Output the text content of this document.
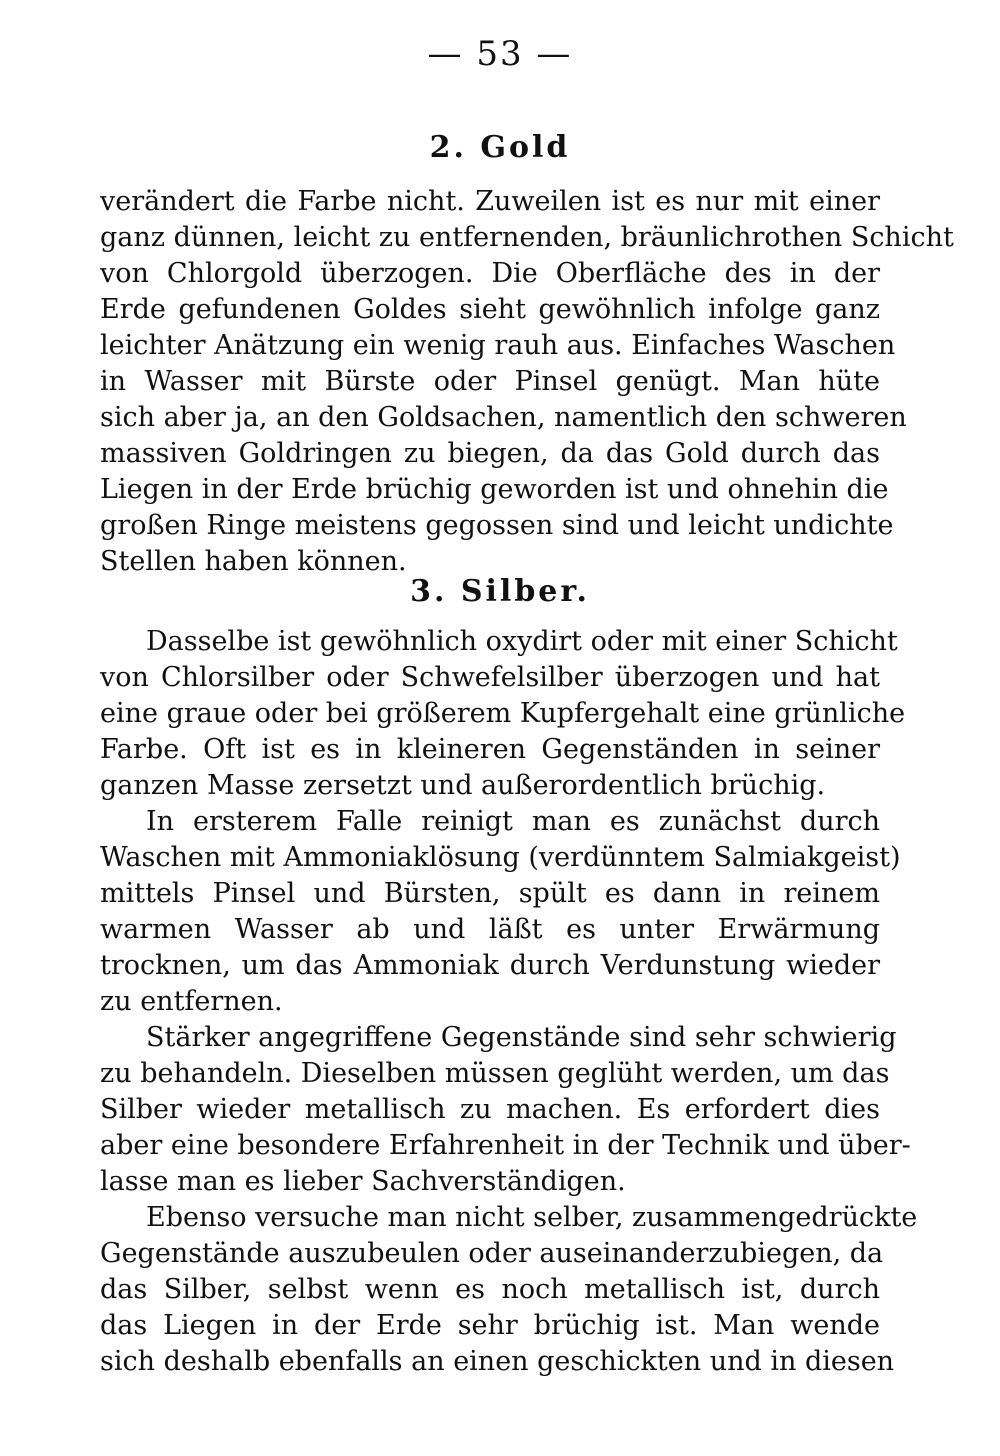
— 53 —
2. Gold
verändert die Farbe nicht. Zuweilen ist es nur mit einer
ganz dünnen, leicht zu entfernenden, bräunlichrothen Schicht
von Chlorgold überzogen. Die Oberfläche des in der
Erde gefundenen Goldes sieht gewöhnlich infolge ganz
leichter Anätzung ein wenig rauh aus. Einfaches Waschen
in Wasser mit Bürste oder Pinsel genügt. Man hüte
sich aber ja, an den Goldsachen, namentlich den schweren
massiven Goldringen zu biegen, da das Gold durch das
Liegen in der Erde brüchig geworden ist und ohnehin die
großen Ringe meistens gegossen sind und leicht undichte
Stellen haben können.
3. Silber.
Dasselbe ist gewöhnlich oxydirt oder mit einer Schicht
von Chlorsilber oder Schwefelsilber überzogen und hat
eine graue oder bei größerem Kupfergehalt eine grünliche
Farbe. Oft ist es in kleineren Gegenständen in seiner
ganzen Masse zersetzt und außerordentlich brüchig.
In ersterem Falle reinigt man es zunächst durch
Waschen mit Ammoniaklösung (verdünntem Salmiakgeist)
mittels Pinsel und Bürsten, spült es dann in reinem
warmen Wasser ab und läßt es unter Erwärmung
trocknen, um das Ammoniak durch Verdunstung wieder
zu entfernen.
Stärker angegriffene Gegenstände sind sehr schwierig
zu behandeln. Dieselben müssen geglüht werden, um das
Silber wieder metallisch zu machen. Es erfordert dies
aber eine besondere Erfahrenheit in der Technik und über-
lasse man es lieber Sachverständigen.
Ebenso versuche man nicht selber, zusammengedrückte
Gegenstände auszubeulen oder auseinanderzubiegen, da
das Silber, selbst wenn es noch metallisch ist, durch
das Liegen in der Erde sehr brüchig ist. Man wende
sich deshalb ebenfalls an einen geschickten und in diesen
